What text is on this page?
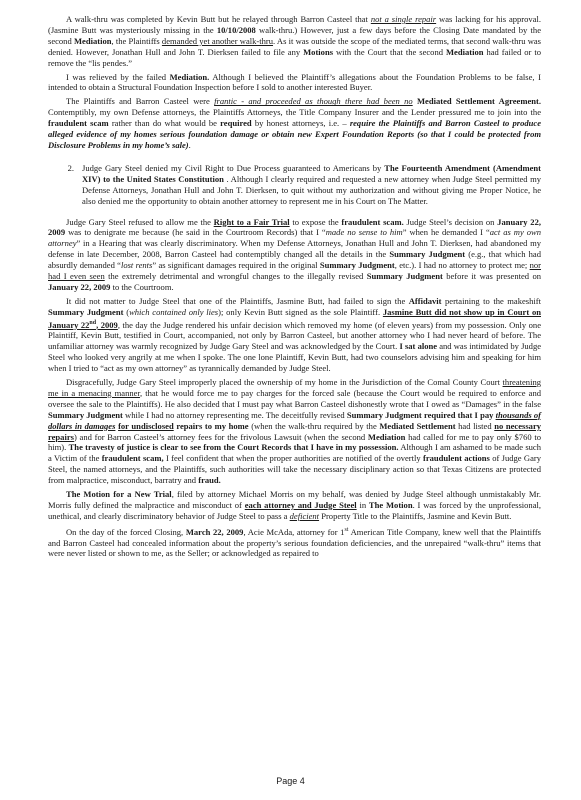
A walk-thru was completed by Kevin Butt but he relayed through Barron Casteel that not a single repair was lacking for his approval. (Jasmine Butt was mysteriously missing in the 10/10/2008 walk-thru.) However, just a few days before the Closing Date mandated by the second Mediation, the Plaintiffs demanded yet another walk-thru. As it was outside the scope of the mediated terms, that second walk-thru was denied. However, Jonathan Hull and John T. Dierksen failed to file any Motions with the Court that the second Mediation had failed or to remove the “lis pendes.”

I was relieved by the failed Mediation. Although I believed the Plaintiff’s allegations about the Foundation Problems to be false, I intended to obtain a Structural Foundation Inspection before I sold to another interested Buyer.

The Plaintiffs and Barron Casteel were frantic - and proceeded as though there had been no Mediated Settlement Agreement. Contemptibly, my own Defense attorneys, the Plaintiffs Attorneys, the Title Company Insurer and the Lender pressured me to join into the fraudulent scam rather than do what would be required by honest attorneys, i.e. – require the Plaintiffs and Barron Casteel to produce alleged evidence of my homes serious foundation damage or obtain new Expert Foundation Reports (so that I could be protected from Disclosure Problems in my home’s sale).

2. Judge Gary Steel denied my Civil Right to Due Process guaranteed to Americans by The Fourteenth Amendment (Amendment XIV) to the United States Constitution . Although I clearly required and requested a new attorney when Judge Steel permitted my Defense Attorneys, Jonathan Hull and John T. Dierksen, to quit without my authorization and without giving me Proper Notice, he also denied me the opportunity to obtain another attorney to represent me in his Court on The Matter.

Judge Gary Steel refused to allow me the Right to a Fair Trial to expose the fraudulent scam. Judge Steel’s decision on January 22, 2009 was to denigrate me because (he said in the Courtroom Records) that I “made no sense to him” when he demanded I “act as my own attorney” in a Hearing that was clearly discriminatory. When my Defense Attorneys, Jonathan Hull and John T. Dierksen, had abandoned my defense in late December, 2008, Barron Casteel had contemptibly changed all the details in the Summary Judgment (e.g., that which had absurdly demanded “lost rents” as significant damages required in the original Summary Judgment, etc.). I had no attorney to protect me; nor had I even seen the extremely detrimental and wrongful changes to the illegally revised Summary Judgment before it was presented on January 22, 2009 to the Courtroom.

It did not matter to Judge Steel that one of the Plaintiffs, Jasmine Butt, had failed to sign the Affidavit pertaining to the makeshift Summary Judgment (which contained only lies); only Kevin Butt signed as the sole Plaintiff. Jasmine Butt did not show up in Court on January 22nd, 2009, the day the Judge rendered his unfair decision which removed my home (of eleven years) from my possession. Only one Plaintiff, Kevin Butt, testified in Court, accompanied, not only by Barron Casteel, but another attorney who I had never heard of before. The unfamiliar attorney was warmly recognized by Judge Gary Steel and was acknowledged by the Court. I sat alone and was intimidated by Judge Steel who looked very angrily at me when I spoke. The one lone Plaintiff, Kevin Butt, had two counselors advising him and speaking for him when I tried to “act as my own attorney” as tyrannically demanded by Judge Steel.

Disgracefully, Judge Gary Steel improperly placed the ownership of my home in the Jurisdiction of the Comal County Court threatening me in a menacing manner, that he would force me to pay charges for the forced sale (because the Court would be required to enforce and oversee the sale to the Plaintiffs). He also decided that I must pay what Barron Casteel dishonestly wrote that I owed as “Damages” in the false Summary Judgment while I had no attorney representing me. The deceitfully revised Summary Judgment required that I pay thousands of dollars in damages for undisclosed repairs to my home (when the walk-thru required by the Mediated Settlement had listed no necessary repairs) and for Barron Casteel’s attorney fees for the frivolous Lawsuit (when the second Mediation had called for me to pay only $760 to him). The travesty of justice is clear to see from the Court Records that I have in my possession. Although I am ashamed to be made such a Victim of the fraudulent scam, I feel confident that when the proper authorities are notified of the overtly fraudulent actions of Judge Gary Steel, the named attorneys, and the Plaintiffs, such authorities will take the necessary disciplinary action so that Texas Citizens are protected from malpractice, misconduct, barratry and fraud.

The Motion for a New Trial, filed by attorney Michael Morris on my behalf, was denied by Judge Steel although unmistakably Mr. Morris fully defined the malpractice and misconduct of each attorney and Judge Steel in The Motion. I was forced by the unprofessional, unethical, and clearly discriminatory behavior of Judge Steel to pass a deficient Property Title to the Plaintiffs, Jasmine and Kevin Butt.

On the day of the forced Closing, March 22, 2009, Acie McAda, attorney for 1st American Title Company, knew well that the Plaintiffs and Barron Casteel had concealed information about the property’s serious foundation deficiencies, and the unrepaired “walk-thru” items that were never listed or shown to me, as the Seller; or acknowledged as repaired to

Page 4
